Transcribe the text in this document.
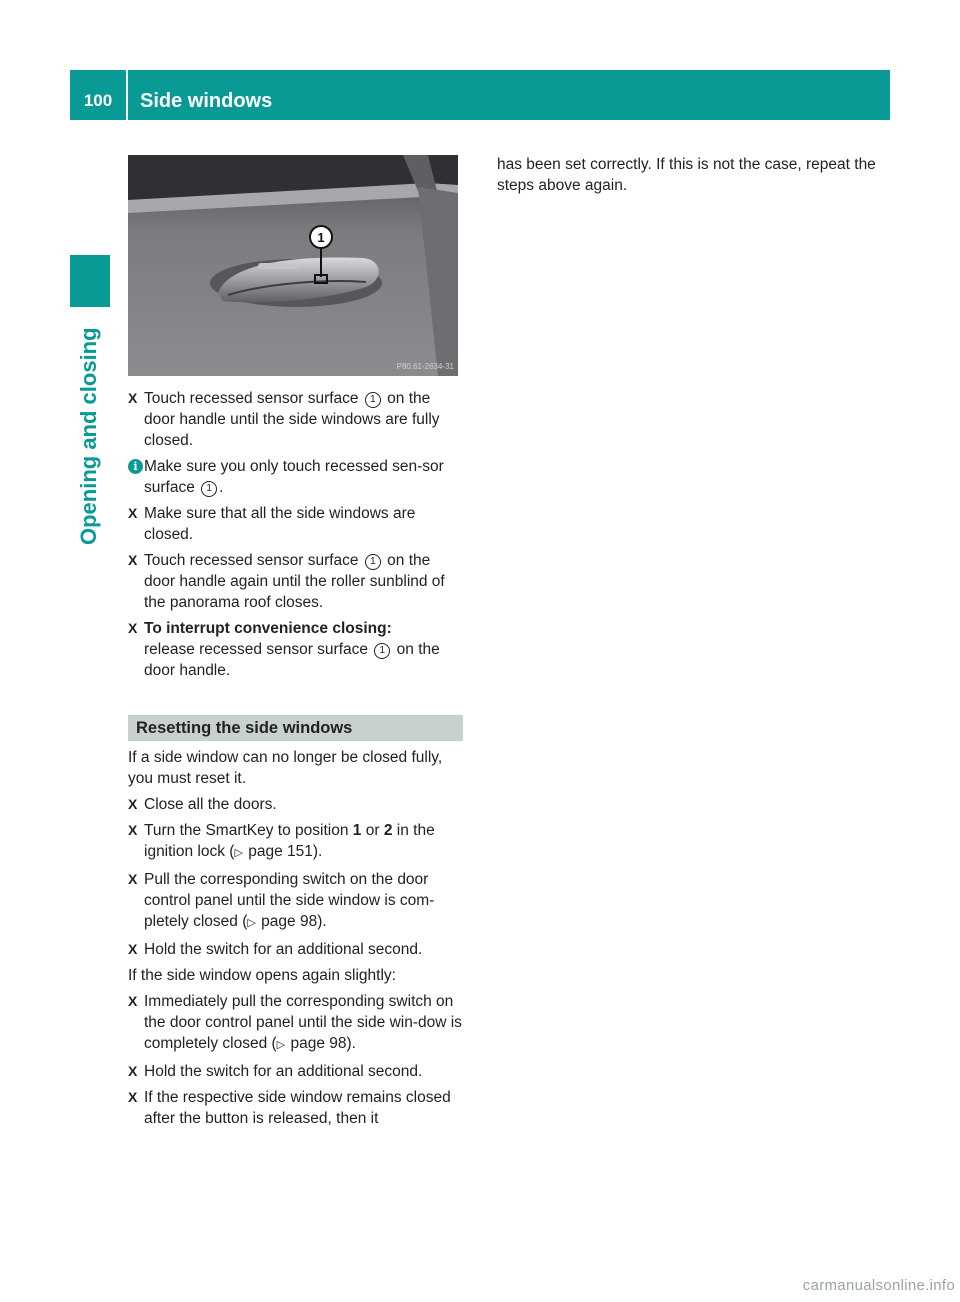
100	Side windows
Opening and closing
1
P80.61-2634-31
X Touch recessed sensor surface 1 on the door handle until the side windows are fully closed.
i Make sure you only touch recessed sen-sor surface 1 .
X Make sure that all the side windows are closed.
X Touch recessed sensor surface 1 on the door handle again until the roller sunblind of the panorama roof closes.
X To interrupt convenience closing:
release recessed sensor surface 1 on the door handle.
Resetting the side windows
If a side window can no longer be closed fully, you must reset it.
X Close all the doors.
X Turn the SmartKey to position 1 or 2 in the ignition lock (▷ page 151).
X Pull the corresponding switch on the door control panel until the side window is com-pletely closed (▷ page 98).
X Hold the switch for an additional second.
If the side window opens again slightly:
X Immediately pull the corresponding switch on the door control panel until the side win-dow is completely closed (▷ page 98).
X Hold the switch for an additional second.
X If the respective side window remains closed after the button is released, then it
has been set correctly. If this is not the case, repeat the steps above again.
carmanualsonline.info
